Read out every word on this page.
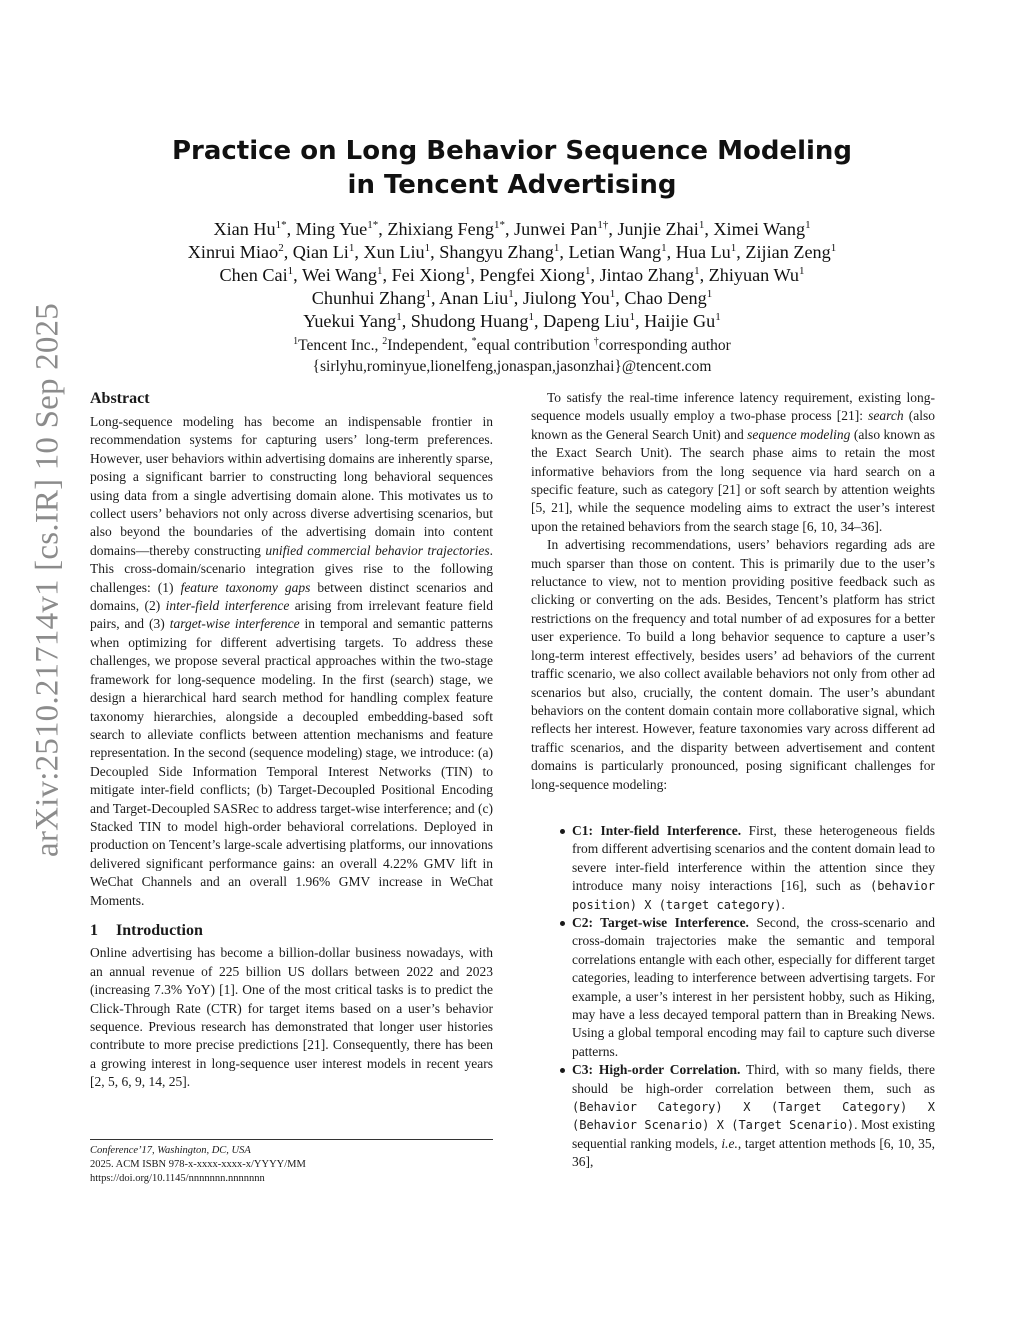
arXiv:2510.21714v1 [cs.IR] 10 Sep 2025
Practice on Long Behavior Sequence Modeling
in Tencent Advertising
Xian $Hu^{1*}$, Ming Yue$^{1*}$, Zhixiang Feng$^{1*}$, Junwei Pan$^{1\dagger}$, Junjie Zhai$^1$, Ximei Wang$^1$
Xinrui Miao$^2$, Qian Li$^1$, Xun Liu$^1$, Shangyu Zhang$^1$, Letian Wang$^1$, Hua Lu$^1$, Zijian Zeng$^1$
Chen Cai$^1$, Wei Wang$^1$, Fei Xiong$^1$, Pengfei Xiong$^1$, Jintao Zhang$^1$, Zhiyuan Wu$^1$
Chunhui Zhang$^1$, Anan Liu$^1$, Jiulong You$^1$, Chao Deng$^1$
Yuekui Yang$^1$, Shudong Huang$^1$, Dapeng Liu$^1$, Haijie Gu$^1$
$^1$Tencent Inc., $^2$Independent, *equal contribution †corresponding author
{sirlyhu,rominyue,lionelfeng,jonaspan,jasonzhai}@tencent.com
Abstract

Long-sequence modeling has become an indispensable frontier in recommendation systems for capturing users’ long-term preferences. However, user behaviors within advertising domains are inherently sparse, posing a significant barrier to constructing long behavioral sequences using data from a single advertising domain alone. This motivates us to collect users’ behaviors not only across diverse advertising scenarios, but also beyond the boundaries of the advertising domain into content domains—thereby constructing unified commercial behavior trajectories. This cross-domain/scenario integration gives rise to the following challenges: (1) feature taxonomy gaps between distinct scenarios and domains, (2) inter-field interference arising from irrelevant feature field pairs, and (3) target-wise interference in temporal and semantic patterns when optimizing for different advertising targets. To address these challenges, we propose several practical approaches within the two-stage framework for long-sequence modeling. In the first (search) stage, we design a hierarchical hard search method for handling complex feature taxonomy hierarchies, alongside a decoupled embedding-based soft search to alleviate conflicts between attention mechanisms and feature representation. In the second (sequence modeling) stage, we introduce: (a) Decoupled Side Information Temporal Interest Networks (TIN) to mitigate inter-field conflicts; (b) Target-Decoupled Positional Encoding and Target-Decoupled SASRec to address target-wise interference; and (c) Stacked TIN to model high-order behavioral correlations. Deployed in production on Tencent’s large-scale advertising platforms, our innovations delivered significant performance gains: an overall 4.22% GMV lift in WeChat Channels and an overall 1.96% GMV increase in WeChat Moments.

1 Introduction

Online advertising has become a billion-dollar business nowadays, with an annual revenue of 225 billion US dollars between 2022 and 2023 (increasing 7.3% YoY) [1]. One of the most critical tasks is to predict the Click-Through Rate (CTR) for target items based on a user’s behavior sequence. Previous research has demonstrated that longer user histories contribute to more precise predictions [21]. Consequently, there has been a growing interest in long-sequence user interest models in recent years [2, 5, 6, 9, 14, 25].

Conference’17, Washington, DC, USA
2025. ACM ISBN 978-x-xxxx-xxxx-x/YYYY/MM
https://doi.org/10.1145/nnnnnnn.nnnnnnn

To satisfy the real-time inference latency requirement, existing long-sequence models usually employ a two-phase process [21]: search (also known as the General Search Unit) and sequence modeling (also known as the Exact Search Unit). The search phase aims to retain the most informative behaviors from the long sequence via hard search on a specific feature, such as category [21] or soft search by attention weights [5, 21], while the sequence modeling aims to extract the user’s interest upon the retained behaviors from the search stage [6, 10, 34–36].

In advertising recommendations, users’ behaviors regarding ads are much sparser than those on content. This is primarily due to the user’s reluctance to view, not to mention providing positive feedback such as clicking or converting on the ads. Besides, Tencent’s platform has strict restrictions on the frequency and total number of ad exposures for a better user experience. To build a long behavior sequence to capture a user’s long-term interest effectively, besides users’ ad behaviors of the current traffic scenario, we also collect available behaviors not only from other ad scenarios but also, crucially, the content domain. The user’s abundant behaviors on the content domain contain more collaborative signal, which reflects her interest. However, feature taxonomies vary across different ad traffic scenarios, and the disparity between advertisement and content domains is particularly pronounced, posing significant challenges for long-sequence modeling:

C1: Inter-field Interference. First, these heterogeneous fields from different advertising scenarios and the content domain lead to severe inter-field interference within the attention since they introduce many noisy interactions [16], such as (behavior position) X (target category).
C2: Target-wise Interference. Second, the cross-scenario and cross-domain trajectories make the semantic and temporal correlations entangle with each other, especially for different target categories, leading to interference between advertising targets. For example, a user’s interest in her persistent hobby, such as Hiking, may have a less decayed temporal pattern than in Breaking News. Using a global temporal encoding may fail to capture such diverse patterns.
C3: High-order Correlation. Third, with so many fields, there should be high-order correlation between them, such as (Behavior Category) X (Target Category) X (Behavior Scenario) X (Target Scenario). Most existing sequential ranking models, i.e., target attention methods [6, 10, 35, 36],
